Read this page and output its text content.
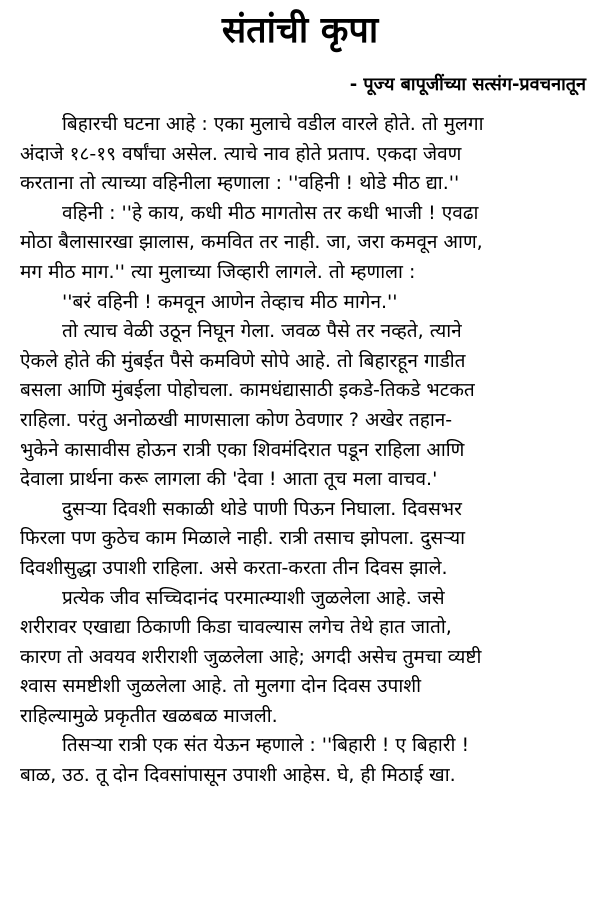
संतांची कृपा

- पूज्य बापूजींच्या सत्संग-प्रवचनातून

बिहारची घटना आहे : एका मुलाचे वडील वारले होते. तो मुलगा
अंदाजे १८-१९ वर्षांचा असेल. त्याचे नाव होते प्रताप. एकदा जेवण
करताना तो त्याच्या वहिनीला म्हणाला : ''वहिनी ! थोडे मीठ द्या.''

वहिनी : ''हे काय, कधी मीठ मागतोस तर कधी भाजी ! एवढा
मोठा बैलासारखा झालास, कमवित तर नाही. जा, जरा कमवून आण,
मग मीठ माग.'' त्या मुलाच्या जिव्हारी लागले. तो म्हणाला :

''बरं वहिनी ! कमवून आणेन तेव्हाच मीठ मागेन.''

तो त्याच वेळी उठून निघून गेला. जवळ पैसे तर नव्हते, त्याने
ऐकले होते की मुंबईत पैसे कमविणे सोपे आहे. तो बिहारहून गाडीत
बसला आणि मुंबईला पोहोचला. कामधंद्यासाठी इकडे-तिकडे भटकत
राहिला. परंतु अनोळखी माणसाला कोण ठेवणार ? अखेर तहान-
भुकेने कासावीस होऊन रात्री एका शिवमंदिरात पडून राहिला आणि
देवाला प्रार्थना करू लागला की 'देवा ! आता तूच मला वाचव.'

दुसऱ्या दिवशी सकाळी थोडे पाणी पिऊन निघाला. दिवसभर
फिरला पण कुठेच काम मिळाले नाही. रात्री तसाच झोपला. दुसऱ्या
दिवशीसुद्धा उपाशी राहिला. असे करता-करता तीन दिवस झाले.

प्रत्येक जीव सच्चिदानंद परमात्म्याशी जुळलेला आहे. जसे
शरीरावर एखाद्या ठिकाणी किडा चावल्यास लगेच तेथे हात जातो,
कारण तो अवयव शरीराशी जुळलेला आहे; अगदी असेच तुमचा व्यष्टी
श्वास समष्टीशी जुळलेला आहे. तो मुलगा दोन दिवस उपाशी
राहिल्यामुळे प्रकृतीत खळबळ माजली.

तिसऱ्या रात्री एक संत येऊन म्हणाले : ''बिहारी ! ए बिहारी !
बाळ, उठ. तू दोन दिवसांपासून उपाशी आहेस. घे, ही मिठाई खा.
